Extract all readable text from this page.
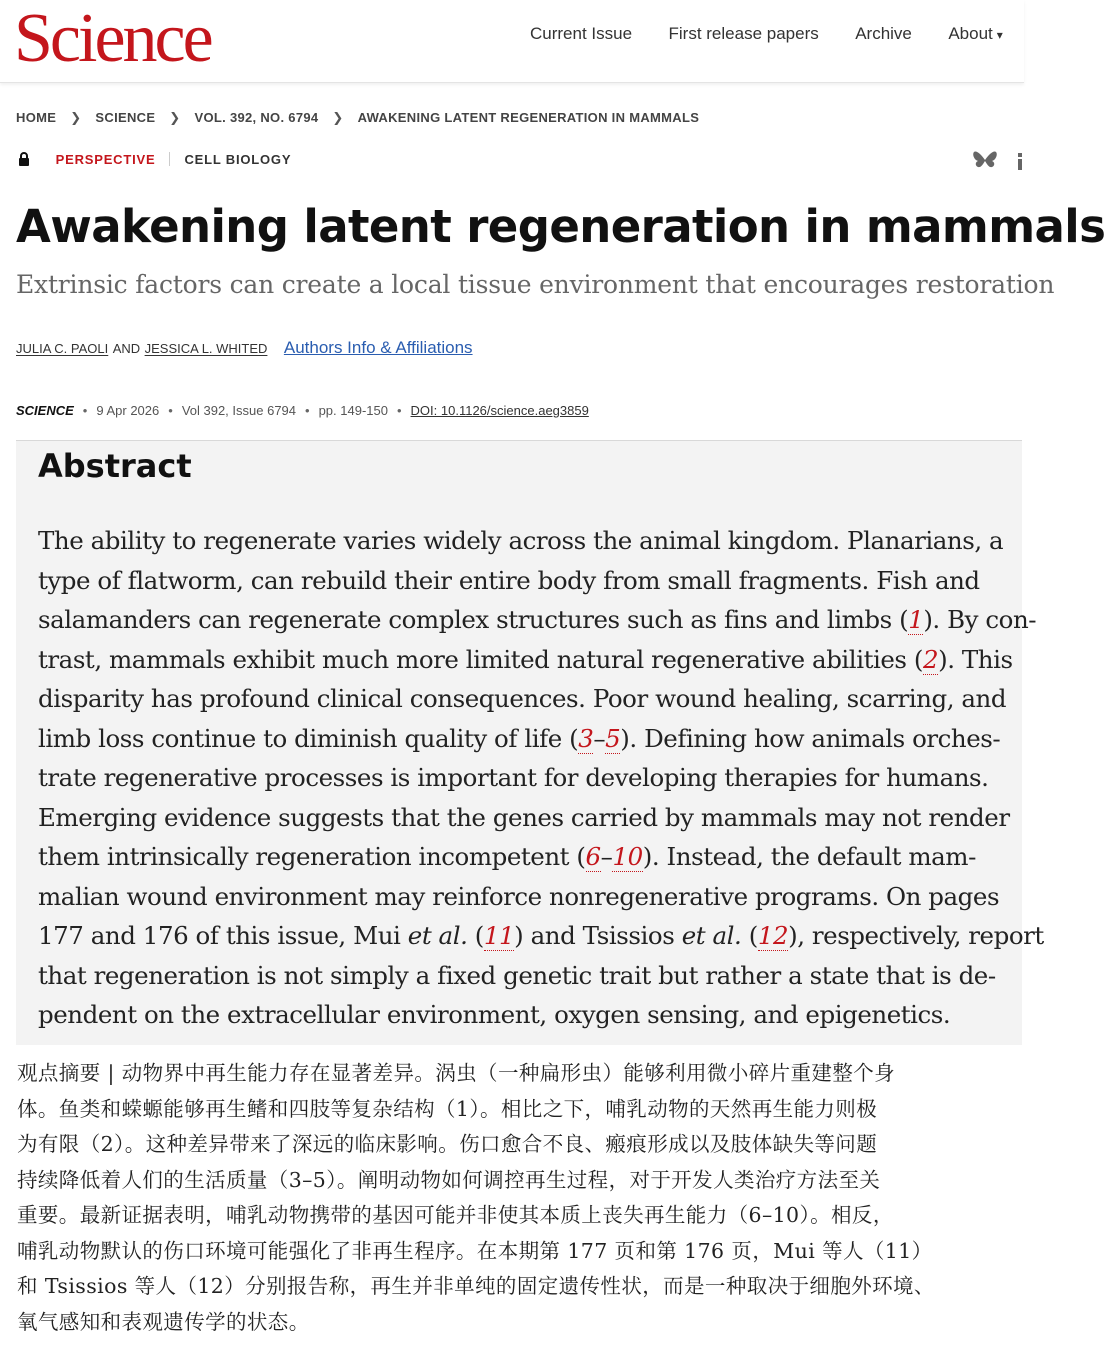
Science	Current Issue First release papers Archive About ▾
HOME ❯ SCIENCE ❯ VOL. 392, NO. 6794 ❯ AWAKENING LATENT REGENERATION IN MAMMALS
PERSPECTIVE CELL BIOLOGY

Awakening latent regeneration in mammals
Extrinsic factors can create a local tissue environment that encourages restoration
JULIA C. PAOLI AND JESSICA L. WHITED Authors Info & Affiliations
SCIENCE • 9 Apr 2026 • Vol 392, Issue 6794 • pp. 149-150 • DOI: 10.1126/science.aeg3859
Abstract
The ability to regenerate varies widely across the animal kingdom. Planarians, a
type of flatworm, can rebuild their entire body from small fragments. Fish and
salamanders can regenerate complex structures such as fins and limbs (1). By con-
trast, mammals exhibit much more limited natural regenerative abilities (2). This
disparity has profound clinical consequences. Poor wound healing, scarring, and
limb loss continue to diminish quality of life (3–5). Defining how animals orches-
trate regenerative processes is important for developing therapies for humans.
Emerging evidence suggests that the genes carried by mammals may not render
them intrinsically regeneration incompetent (6–10). Instead, the default mam-
malian wound environment may reinforce nonregenerative programs. On pages
177 and 176 of this issue, Mui et al. (11) and Tsissios et al. (12), respectively, report
that regeneration is not simply a fixed genetic trait but rather a state that is de-
pendent on the extracellular environment, oxygen sensing, and epigenetics.
观点摘要 | 动物界中再生能力存在显著差异。涡虫（一种扁形虫）能够利用微小碎片重建整个身
体。鱼类和蝾螈能够再生鳍和四肢等复杂结构（1）。相比之下，哺乳动物的天然再生能力则极
为有限（2）。这种差异带来了深远的临床影响。伤口愈合不良、瘢痕形成以及肢体缺失等问题
持续降低着人们的生活质量（3–5）。阐明动物如何调控再生过程，对于开发人类治疗方法至关
重要。最新证据表明，哺乳动物携带的基因可能并非使其本质上丧失再生能力（6–10）。相反，
哺乳动物默认的伤口环境可能强化了非再生程序。在本期第 177 页和第 176 页，Mui 等人（11）
和 Tsissios 等人（12）分别报告称，再生并非单纯的固定遗传性状，而是一种取决于细胞外环境、
氧气感知和表观遗传学的状态。
